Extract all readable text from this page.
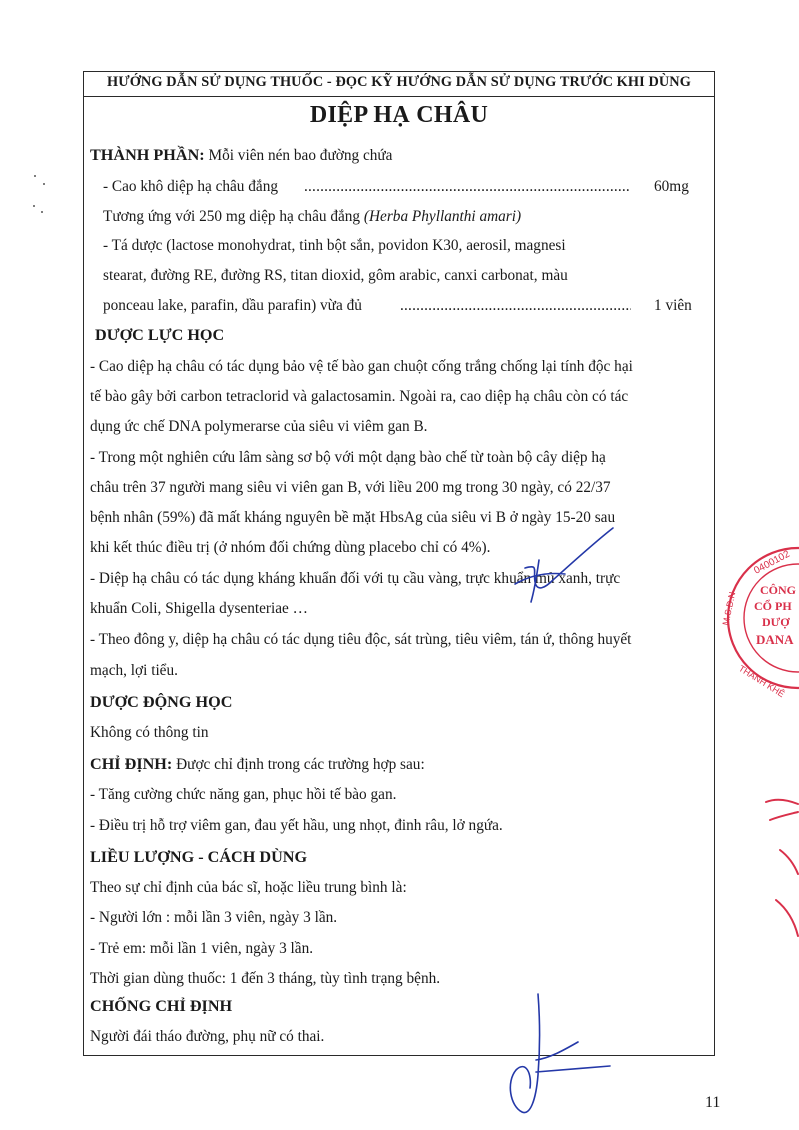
HƯỚNG DẪN SỬ DỤNG THUỐC - ĐỌC KỸ HƯỚNG DẪN SỬ DỤNG TRƯỚC KHI DÙNG
DIỆP HẠ CHÂU
THÀNH PHẦN: Mỗi viên nén bao đường chứa
- Cao khô diệp hạ châu đắng .....	60mg
Tương ứng với 250 mg diệp hạ châu đắng (Herba Phyllanthi amari)
- Tá dược (lactose monohydrat, tinh bột sắn, povidon K30, aerosil, magnesi
stearat, đường RE, đường RS, titan dioxid, gôm arabic, canxi carbonat, màu
ponceau lake, parafin, dầu parafin) vừa đủ .....	1 viên
DƯỢC LỰC HỌC
- Cao diệp hạ châu có tác dụng bảo vệ tế bào gan chuột cống trắng chống lại tính độc hại
tế bào gây bởi carbon tetraclorid và galactosamin. Ngoài ra, cao diệp hạ châu còn có tác
dụng ức chế DNA polymerarse của siêu vi viêm gan B.
- Trong một nghiên cứu lâm sàng sơ bộ với một dạng bào chế từ toàn bộ cây diệp hạ
châu trên 37 người mang siêu vi viên gan B, với liều 200 mg trong 30 ngày, có 22/37
bệnh nhân (59%) đã mất kháng nguyên bề mặt HbsAg của siêu vi B ở ngày 15-20 sau
khi kết thúc điều trị (ở nhóm đối chứng dùng placebo chỉ có 4%).
- Diệp hạ châu có tác dụng kháng khuẩn đối với tụ cầu vàng, trực khuẩn mủ xanh, trực
khuẩn Coli, Shigella dysenteriae …
- Theo đông y, diệp hạ châu có tác dụng tiêu độc, sát trùng, tiêu viêm, tán ứ, thông huyết
mạch, lợi tiểu.
DƯỢC ĐỘNG HỌC
Không có thông tin
CHỈ ĐỊNH: Được chỉ định trong các trường hợp sau:
- Tăng cường chức năng gan, phục hồi tế bào gan.
- Điều trị hỗ trợ viêm gan, đau yết hầu, ung nhọt, đinh râu, lở ngứa.
LIỀU LƯỢNG - CÁCH DÙNG
Theo sự chỉ định của bác sĩ, hoặc liều trung bình là:
- Người lớn : mỗi lần 3 viên, ngày 3 lần.
- Trẻ em: mỗi lần 1 viên, ngày 3 lần.
Thời gian dùng thuốc: 1 đến 3 tháng, tùy tình trạng bệnh.
CHỐNG CHỈ ĐỊNH
Người đái tháo đường, phụ nữ có thai.
11
0400102
M.S.D.N
CÔNG
CỔ PH
DƯỢ
DANA
THANH KHÊ
